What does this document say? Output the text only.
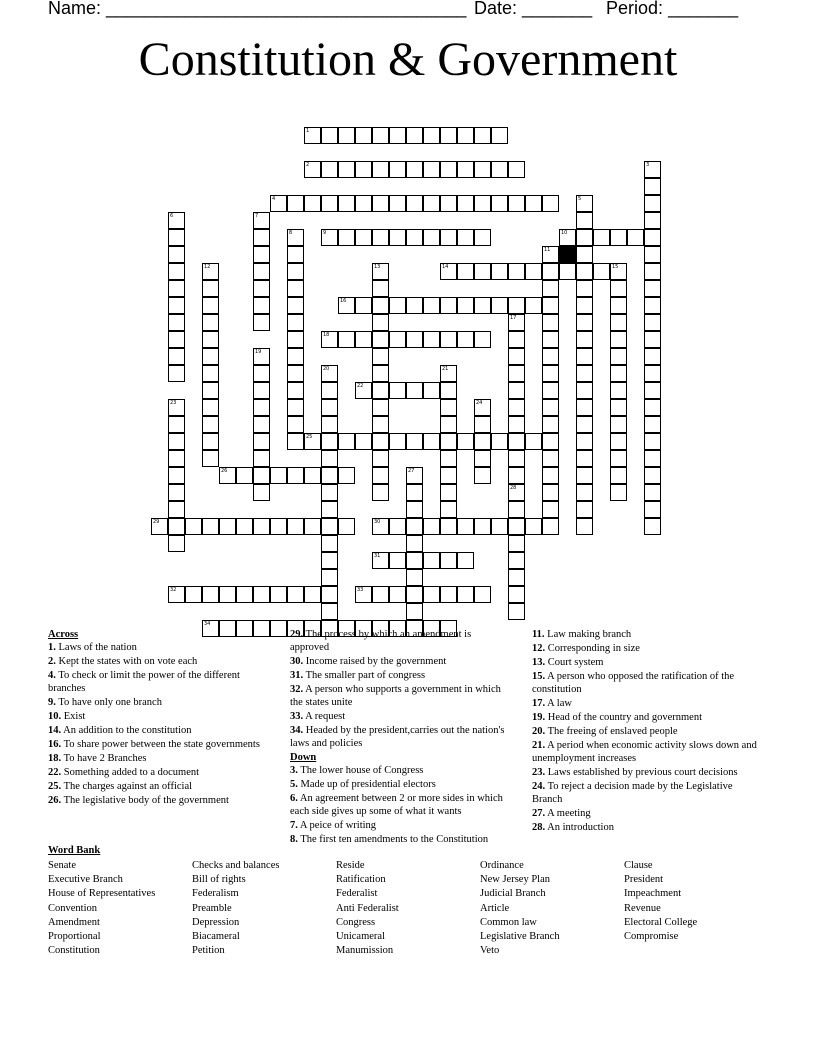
Name: ____________________________________ Date: _______ Period: _______
Constitution & Government
1
2	3
4	5
6	7
8	9	10
11
12	13	14	15
16
17
18
19
20	21
22
23	24
25
26	27
28
29	30
31
32	33
34
Across
1. Laws of the nation
2. Kept the states with on vote each
4. To check or limit the power of the different branches
9. To have only one branch
10. Exist
14. An addition to the constitution
16. To share power between the state governments
18. To have 2 Branches
22. Something added to a document
25. The charges against an official
26. The legislative body of the government
29. The process by which an amendment is approved
30. Income raised by the government
31. The smaller part of congress
32. A person who supports a government in which the states unite
33. A request
34. Headed by the president,carries out the nation's laws and policies
Down
3. The lower house of Congress
5. Made up of presidential electors
6. An agreement between 2 or more sides in which each side gives up some of what it wants
7. A peice of writing
8. The first ten amendments to the Constitution
11. Law making branch
12. Corresponding in size
13. Court system
15. A person who opposed the ratification of the constitution
17. A law
19. Head of the country and government
20. The freeing of enslaved people
21. A period when economic activity slows down and unemployment increases
23. Laws established by previous court decisions
24. To reject a decision made by the Legislative Branch
27. A meeting
28. An introduction
Word Bank
Senate
Executive Branch
House of Representatives
Convention
Amendment
Proportional
Constitution
Checks and balances
Bill of rights
Federalism
Preamble
Depression
Biacameral
Petition
Reside
Ratification
Federalist
Anti Federalist
Congress
Unicameral
Manumission
Ordinance
New Jersey Plan
Judicial Branch
Article
Common law
Legislative Branch
Veto
Clause
President
Impeachment
Revenue
Electoral College
Compromise
